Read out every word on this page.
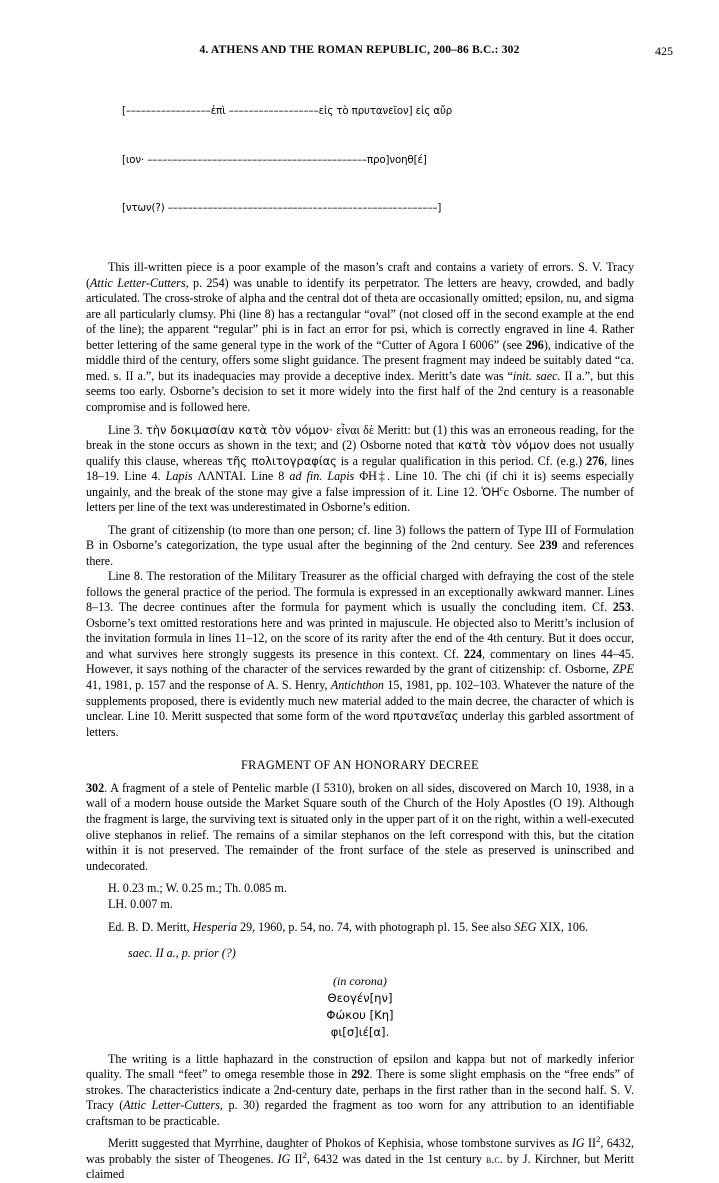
4. ATHENS AND THE ROMAN REPUBLIC, 200–86 B.C.: 302	425

[–––––––––––––––––ἐπὶ ––––––––––––––––––εἰς τὸ πρυτανεῖον] εἰς αὔρ

[ιον· ––––––––––––––––––––––––––––––––––––––––––––προ]νοηθ[έ]

[ντων(?) ––––––––––––––––––––––––––––––––––––––––––––––––––––––]

This ill-written piece is a poor example of the mason’s craft and contains a variety of errors. S. V. Tracy (Attic Letter-Cutters, p. 254) was unable to identify its perpetrator. The letters are heavy, crowded, and badly articulated. The cross-stroke of alpha and the central dot of theta are occasionally omitted; epsilon, nu, and sigma are all particularly clumsy. Phi (line 8) has a rectangular “oval” (not closed off in the second example at the end of the line); the apparent “regular” phi is in fact an error for psi, which is correctly engraved in line 4. Rather better lettering of the same general type in the work of the “Cutter of Agora I 6006” (see 296), indicative of the middle third of the century, offers some slight guidance. The present fragment may indeed be suitably dated “ca. med. s. II a.”, but its inadequacies may provide a deceptive index. Meritt’s date was “init. saec. II a.”, but this seems too early. Osborne’s decision to set it more widely into the first half of the 2nd century is a reasonable compromise and is followed here.

Line 3. τὴν δοκιμασίαν κατὰ τὸν νόμον· εἶναι δὲ Meritt: but (1) this was an erroneous reading, for the break in the stone occurs as shown in the text; and (2) Osborne noted that κατὰ τὸν νόμον does not usually qualify this clause, whereas τῆς πολιτογραφίας is a regular qualification in this period. Cf. (e.g.) 276, lines 18–19. Line 4. Lapis ΛΛΝΤΑΙ. Line 8 ad fin. Lapis ΦΗ‡. Line 10. The chi (if chi it is) seems especially ungainly, and the break of the stone may give a false impression of it. Line 12. ὉΗ$^c$c Osborne. The number of letters per line of the text was underestimated in Osborne’s edition.

The grant of citizenship (to more than one person; cf. line 3) follows the pattern of Type III of Formulation B in Osborne’s categorization, the type usual after the beginning of the 2nd century. See 239 and references there.

Line 8. The restoration of the Military Treasurer as the official charged with defraying the cost of the stele follows the general practice of the period. The formula is expressed in an exceptionally awkward manner. Lines 8–13. The decree continues after the formula for payment which is usually the concluding item. Cf. 253. Osborne’s text omitted restorations here and was printed in majuscule. He objected also to Meritt’s inclusion of the invitation formula in lines 11–12, on the score of its rarity after the end of the 4th century. But it does occur, and what survives here strongly suggests its presence in this context. Cf. 224, commentary on lines 44–45. However, it says nothing of the character of the services rewarded by the grant of citizenship: cf. Osborne, ZPE 41, 1981, p. 157 and the response of A. S. Henry, Antichthon 15, 1981, pp. 102–103. Whatever the nature of the supplements proposed, there is evidently much new material added to the main decree, the character of which is unclear. Line 10. Meritt suspected that some form of the word πρυτανεῖας underlay this garbled assortment of letters.

FRAGMENT OF AN HONORARY DECREE

302. A fragment of a stele of Pentelic marble (I 5310), broken on all sides, discovered on March 10, 1938, in a wall of a modern house outside the Market Square south of the Church of the Holy Apostles (O 19). Although the fragment is large, the surviving text is situated only in the upper part of it on the right, within a well-executed olive stephanos in relief. The remains of a similar stephanos on the left correspond with this, but the citation within it is not preserved. The remainder of the front surface of the stele as preserved is uninscribed and undecorated.

H. 0.23 m.; W. 0.25 m.; Th. 0.085 m.

LH. 0.007 m.

Ed. B. D. Meritt, Hesperia 29, 1960, p. 54, no. 74, with photograph pl. 15. See also SEG XIX, 106.

saec. II a., p. prior (?)

(in corona)
Θεογέν[ην]
Φώκου [Κη]
φι[σ]ιέ[α].

The writing is a little haphazard in the construction of epsilon and kappa but not of markedly inferior quality. The small “feet” to omega resemble those in 292. There is some slight emphasis on the “free ends” of strokes. The characteristics indicate a 2nd-century date, perhaps in the first rather than in the second half. S. V. Tracy (Attic Letter-Cutters, p. 30) regarded the fragment as too worn for any attribution to an identifiable craftsman to be practicable.

Meritt suggested that Myrrhine, daughter of Phokos of Kephisia, whose tombstone survives as IG $II^2$, 6432, was probably the sister of Theogenes. IG $II^2$, 6432 was dated in the 1st century b.c. by J. Kirchner, but Meritt claimed
